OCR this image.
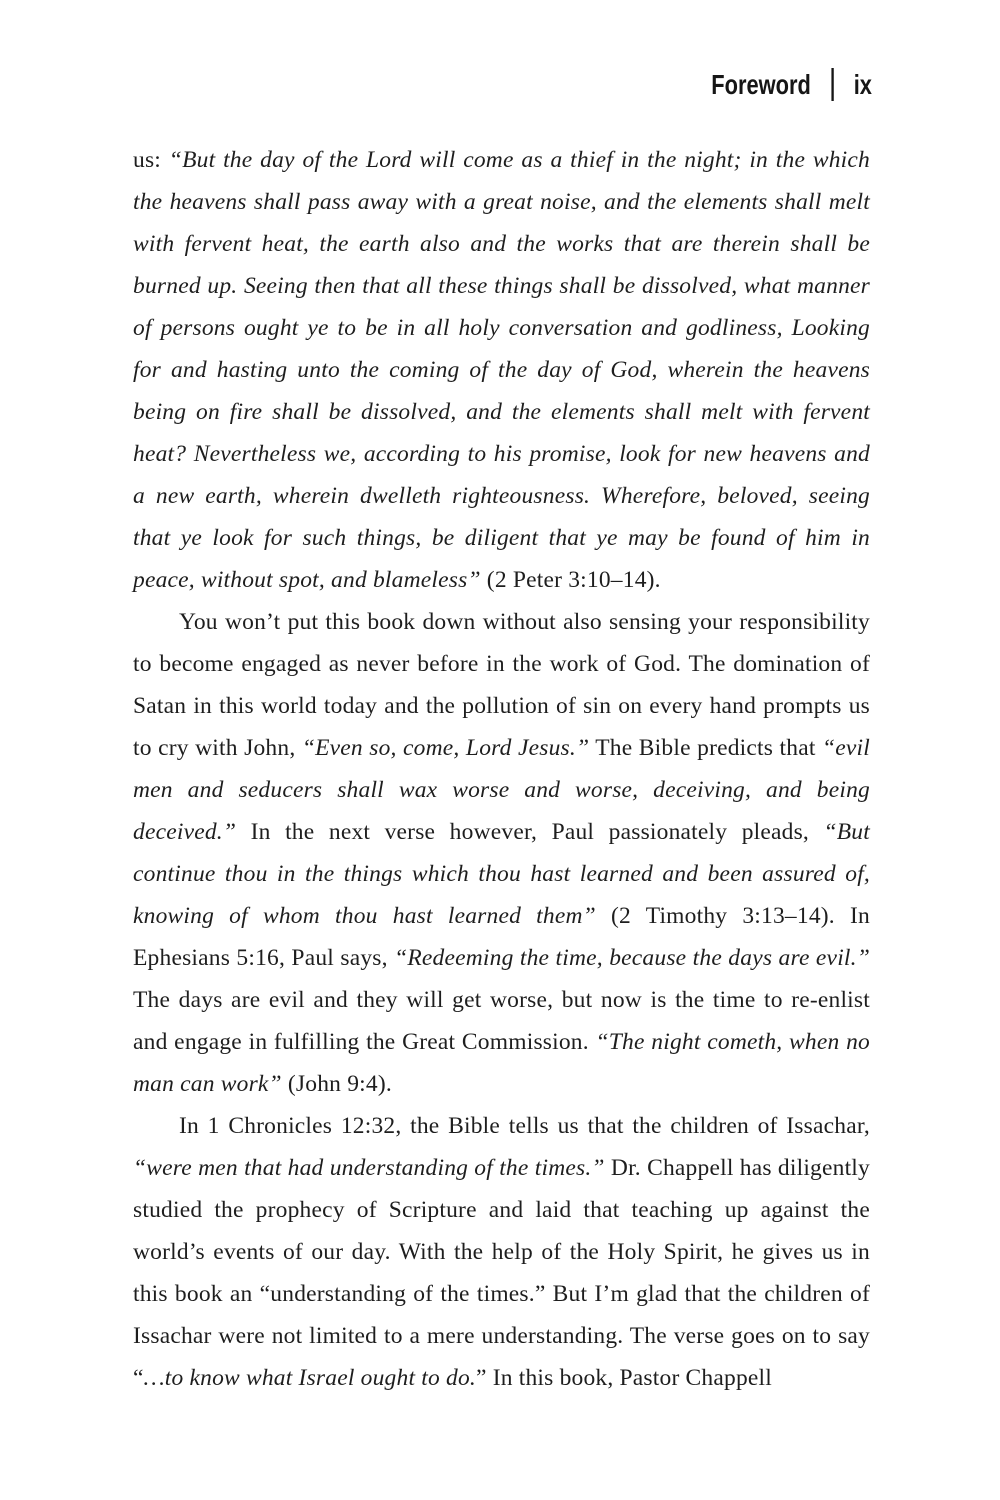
Foreword ix

us: “But the day of the Lord will come as a thief in the night; in the which the heavens shall pass away with a great noise, and the elements shall melt with fervent heat, the earth also and the works that are therein shall be burned up. Seeing then that all these things shall be dissolved, what manner of persons ought ye to be in all holy conversation and godliness, Looking for and hasting unto the coming of the day of God, wherein the heavens being on fire shall be dissolved, and the elements shall melt with fervent heat? Nevertheless we, according to his promise, look for new heavens and a new earth, wherein dwelleth righteousness. Wherefore, beloved, seeing that ye look for such things, be diligent that ye may be found of him in peace, without spot, and blameless” (2 Peter 3:10–14).

You won’t put this book down without also sensing your responsibility to become engaged as never before in the work of God. The domination of Satan in this world today and the pollution of sin on every hand prompts us to cry with John, “Even so, come, Lord Jesus.” The Bible predicts that “evil men and seducers shall wax worse and worse, deceiving, and being deceived.” In the next verse however, Paul passionately pleads, “But continue thou in the things which thou hast learned and been assured of, knowing of whom thou hast learned them” (2 Timothy 3:13–14). In Ephesians 5:16, Paul says, “Redeeming the time, because the days are evil.” The days are evil and they will get worse, but now is the time to re-enlist and engage in fulfilling the Great Commission. “The night cometh, when no man can work” (John 9:4).

In 1 Chronicles 12:32, the Bible tells us that the children of Issachar, “were men that had understanding of the times.” Dr. Chappell has diligently studied the prophecy of Scripture and laid that teaching up against the world’s events of our day. With the help of the Holy Spirit, he gives us in this book an “understanding of the times.” But I’m glad that the children of Issachar were not limited to a mere understanding. The verse goes on to say “…to know what Israel ought to do.” In this book, Pastor Chappell
